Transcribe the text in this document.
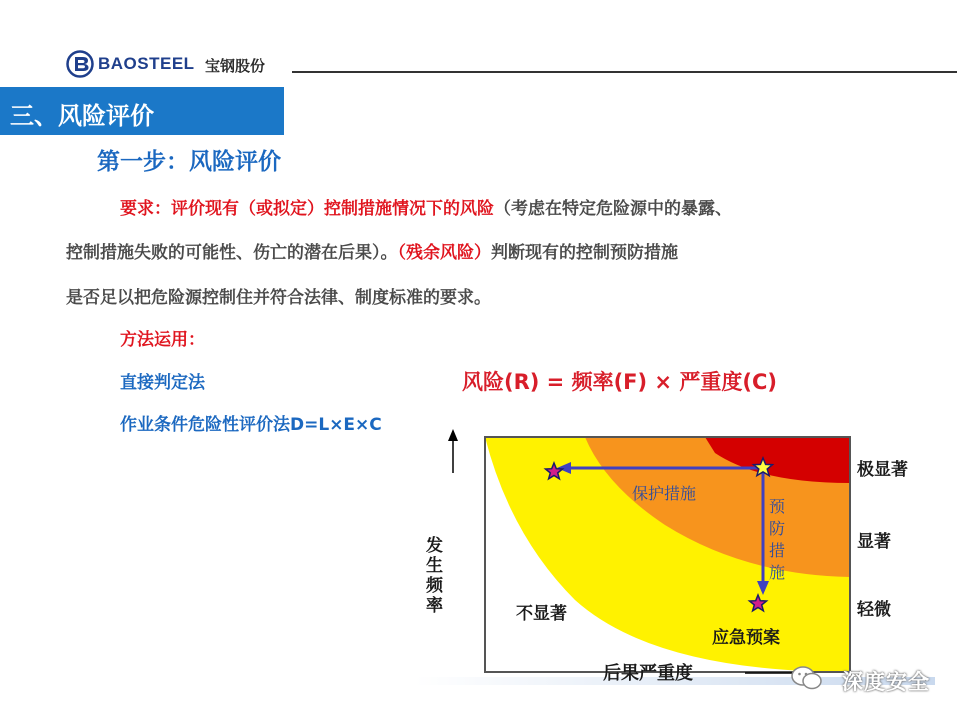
BAOSTEEL 宝钢股份
三、风险评价
第一步：风险评价
要求：评价现有（或拟定）控制措施情况下的风险（考虑在特定危险源中的暴露、
控制措施失败的可能性、伤亡的潜在后果）。（残余风险）判断现有的控制预防措施
是否足以把危险源控制住并符合法律、制度标准的要求。
方法运用：
直接判定法
作业条件危险性评价法D=L×E×C
风险(R) = 频率(F) × 严重度(C)
保护措施
预防措施
不显著
应急预案
极显著
显著
轻微
发生频率
后果严重度	深度安全
